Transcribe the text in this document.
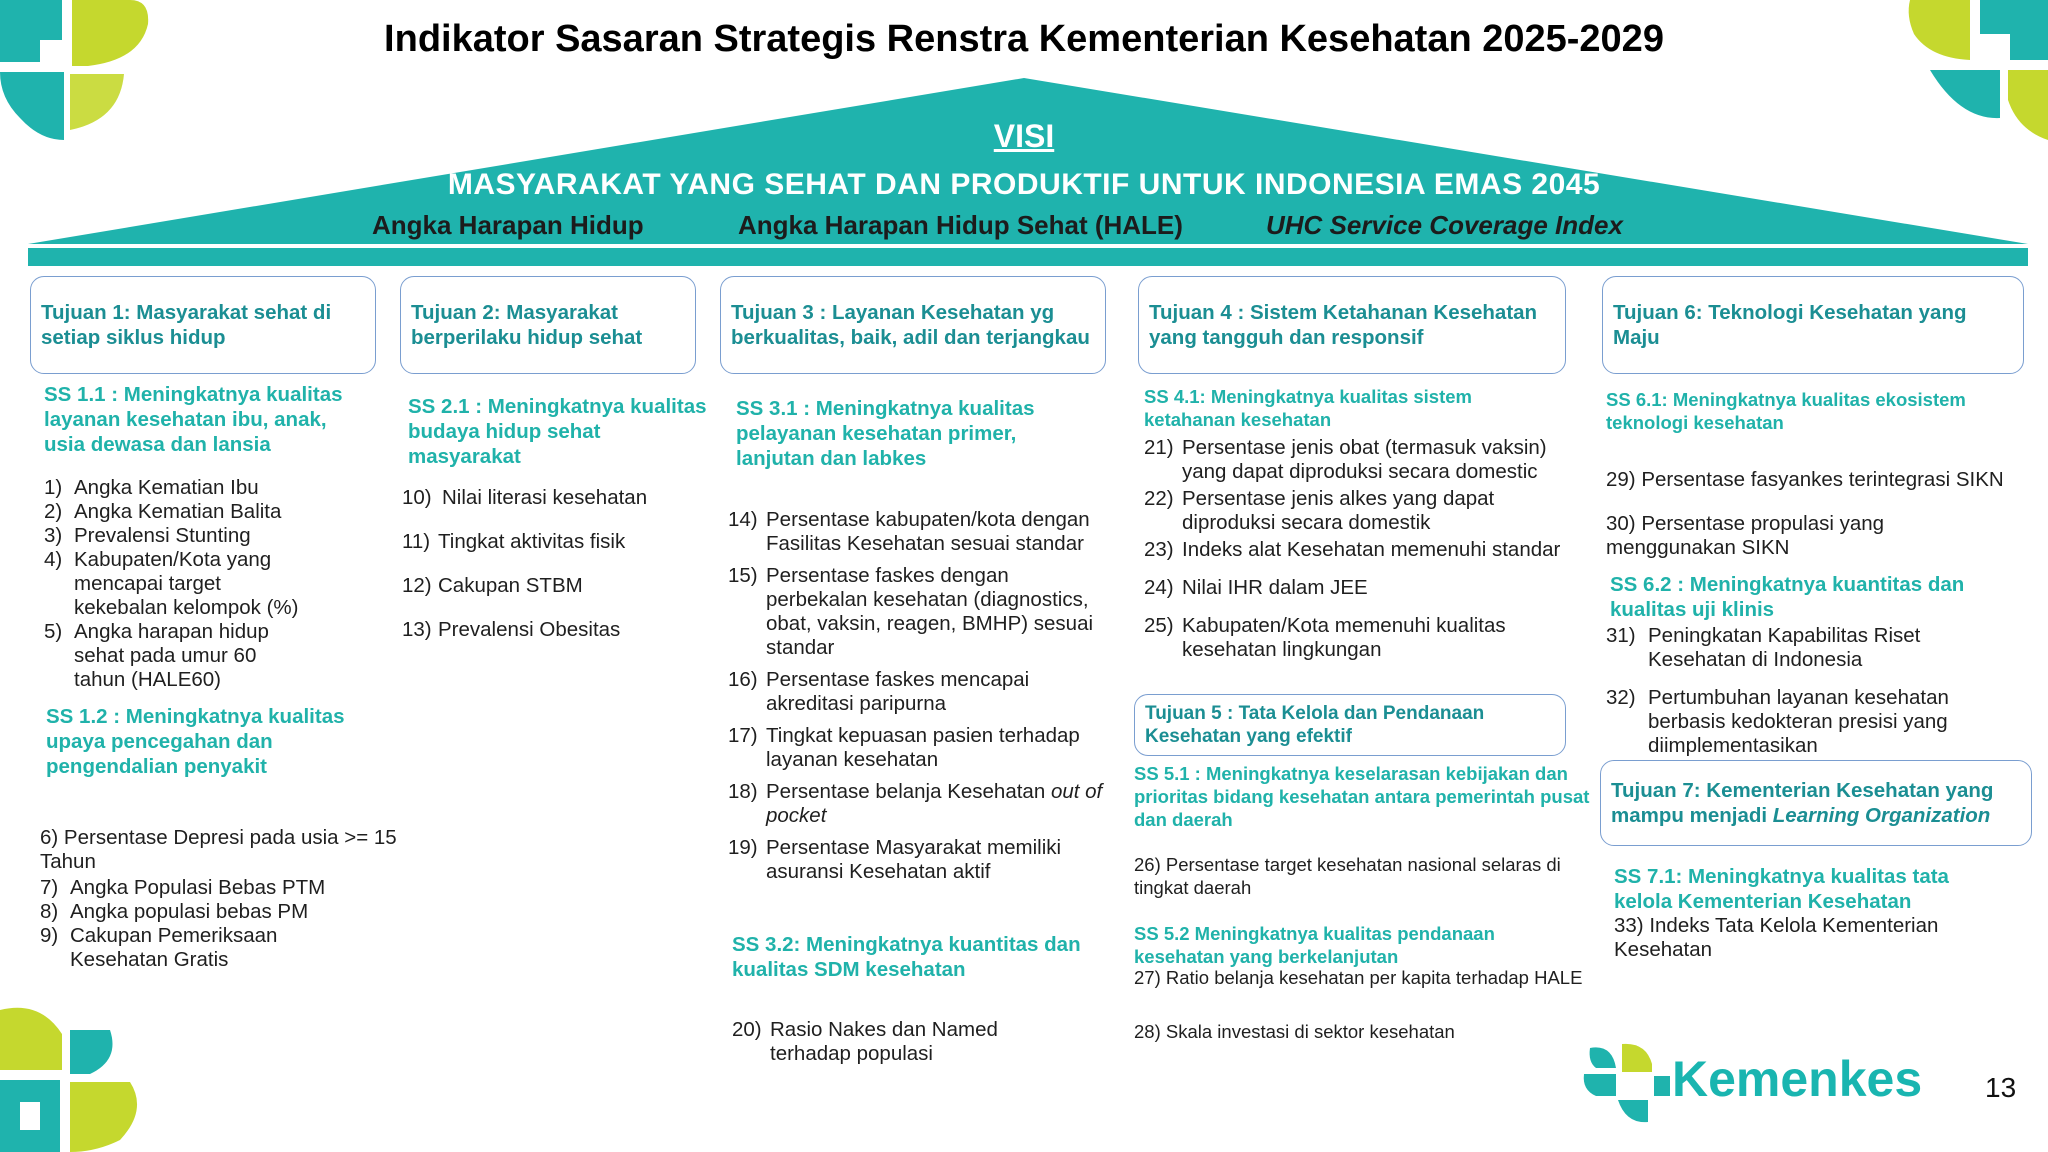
Indikator Sasaran Strategis Renstra Kementerian Kesehatan 2025-2029
VISI
MASYARAKAT YANG SEHAT DAN PRODUKTIF UNTUK INDONESIA EMAS 2045
Angka Harapan Hidup	Angka Harapan Hidup Sehat (HALE)	UHC Service Coverage Index
Tujuan 1: Masyarakat sehat di setiap siklus hidup
SS 1.1 : Meningkatnya kualitas layanan kesehatan ibu, anak, usia dewasa dan lansia
1) Angka Kematian Ibu
2) Angka Kematian Balita
3) Prevalensi Stunting
4) Kabupaten/Kota yang mencapai target kekebalan kelompok (%)
5) Angka harapan hidup sehat pada umur 60 tahun (HALE60)
SS 1.2 : Meningkatnya kualitas upaya pencegahan dan pengendalian penyakit
6) Persentase Depresi pada usia >= 15 Tahun
7) Angka Populasi Bebas PTM
8) Angka populasi bebas PM
9) Cakupan Pemeriksaan Kesehatan Gratis
Tujuan 2: Masyarakat berperilaku hidup sehat
SS 2.1 : Meningkatnya kualitas budaya hidup sehat masyarakat
10) Nilai literasi kesehatan
11) Tingkat aktivitas fisik
12) Cakupan STBM
13) Prevalensi Obesitas
Tujuan 3 : Layanan Kesehatan yg berkualitas, baik, adil dan terjangkau
SS 3.1 : Meningkatnya kualitas pelayanan kesehatan primer, lanjutan dan labkes
14) Persentase kabupaten/kota dengan Fasilitas Kesehatan sesuai standar
15) Persentase faskes dengan perbekalan kesehatan (diagnostics, obat, vaksin, reagen, BMHP) sesuai standar
16) Persentase faskes mencapai akreditasi paripurna
17) Tingkat kepuasan pasien terhadap layanan kesehatan
18) Persentase belanja Kesehatan out of pocket
19) Persentase Masyarakat memiliki asuransi Kesehatan aktif
SS 3.2: Meningkatnya kuantitas dan kualitas SDM kesehatan
20) Rasio Nakes dan Named terhadap populasi
Tujuan 4 : Sistem Ketahanan Kesehatan yang tangguh dan responsif
SS 4.1: Meningkatnya kualitas sistem ketahanan kesehatan
21) Persentase jenis obat (termasuk vaksin) yang dapat diproduksi secara domestic
22) Persentase jenis alkes yang dapat diproduksi secara domestik
23) Indeks alat Kesehatan memenuhi standar
24) Nilai IHR dalam JEE
25) Kabupaten/Kota memenuhi kualitas kesehatan lingkungan
Tujuan 5 : Tata Kelola dan Pendanaan Kesehatan yang efektif
SS 5.1 : Meningkatnya keselarasan kebijakan dan prioritas bidang kesehatan antara pemerintah pusat dan daerah
26) Persentase target kesehatan nasional selaras di tingkat daerah
SS 5.2 Meningkatnya kualitas pendanaan kesehatan yang berkelanjutan
27) Ratio belanja kesehatan per kapita terhadap HALE
28) Skala investasi di sektor kesehatan
Tujuan 6: Teknologi Kesehatan yang Maju
SS 6.1: Meningkatnya kualitas ekosistem teknologi kesehatan
29) Persentase fasyankes terintegrasi SIKN
30) Persentase propulasi yang menggunakan SIKN
SS 6.2 : Meningkatnya kuantitas dan kualitas uji klinis
31) Peningkatan Kapabilitas Riset Kesehatan di Indonesia
32) Pertumbuhan layanan kesehatan berbasis kedokteran presisi yang diimplementasikan
Tujuan 7: Kementerian Kesehatan yang mampu menjadi Learning Organization
SS 7.1: Meningkatnya kualitas tata kelola Kementerian Kesehatan
33) Indeks Tata Kelola Kementerian Kesehatan
Kemenkes 13
